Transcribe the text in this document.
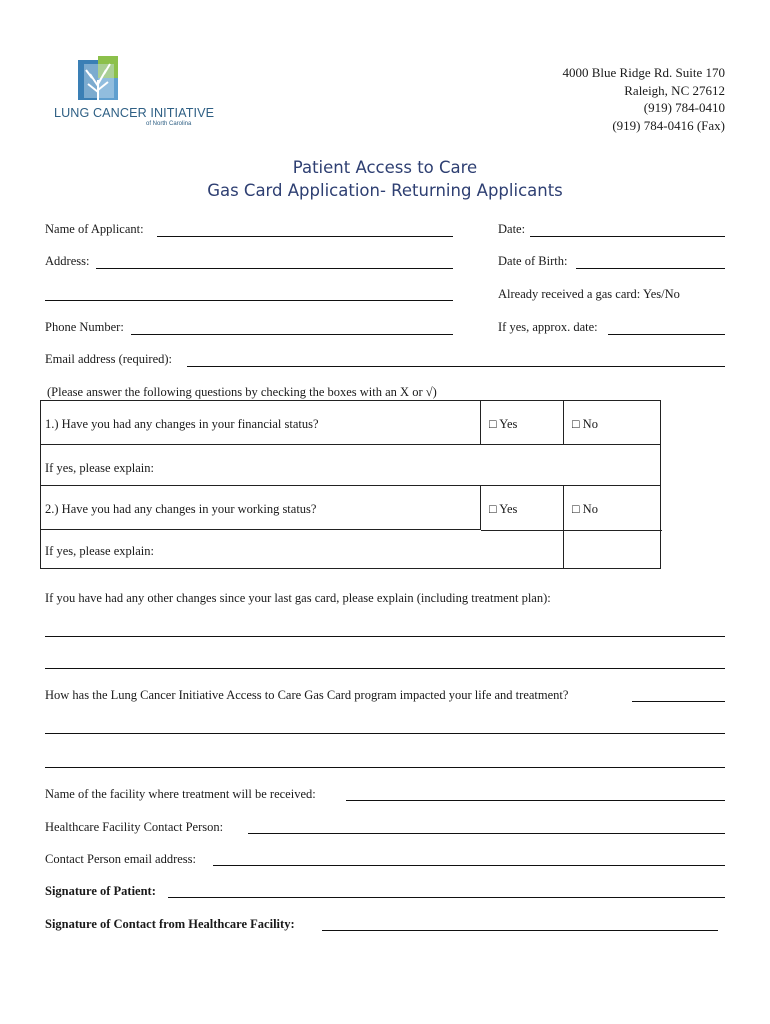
LUNG CANCER INITIATIVE
of North Carolina
4000 Blue Ridge Rd. Suite 170
Raleigh, NC 27612
(919) 784-0410
(919) 784-0416 (Fax)
Patient Access to Care
Gas Card Application- Returning Applicants
Name of Applicant:	Date:
Address:	Date of Birth:
Already received a gas card: Yes/No
Phone Number:	If yes, approx. date:
Email address (required):
(Please answer the following questions by checking the boxes with an X or √)
1.) Have you had any changes in your financial status?	□ Yes	□ No
If yes, please explain:
2.) Have you had any changes in your working status?	□ Yes	□ No
If yes, please explain:
If you have had any other changes since your last gas card, please explain (including treatment plan):
How has the Lung Cancer Initiative Access to Care Gas Card program impacted your life and treatment?
Name of the facility where treatment will be received:
Healthcare Facility Contact Person:
Contact Person email address:
Signature of Patient:
Signature of Contact from Healthcare Facility:
